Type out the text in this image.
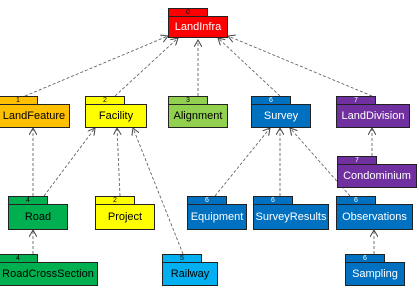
0
LandInfra
1
LandFeature
2
Facility
3
Alignment
6
Survey
7
LandDivision
7
Condominium
4
Road
2
Project
6
Equipment
6
SurveyResults
6
Observations
4
RoadCrossSection
5
Railway
6
Sampling
